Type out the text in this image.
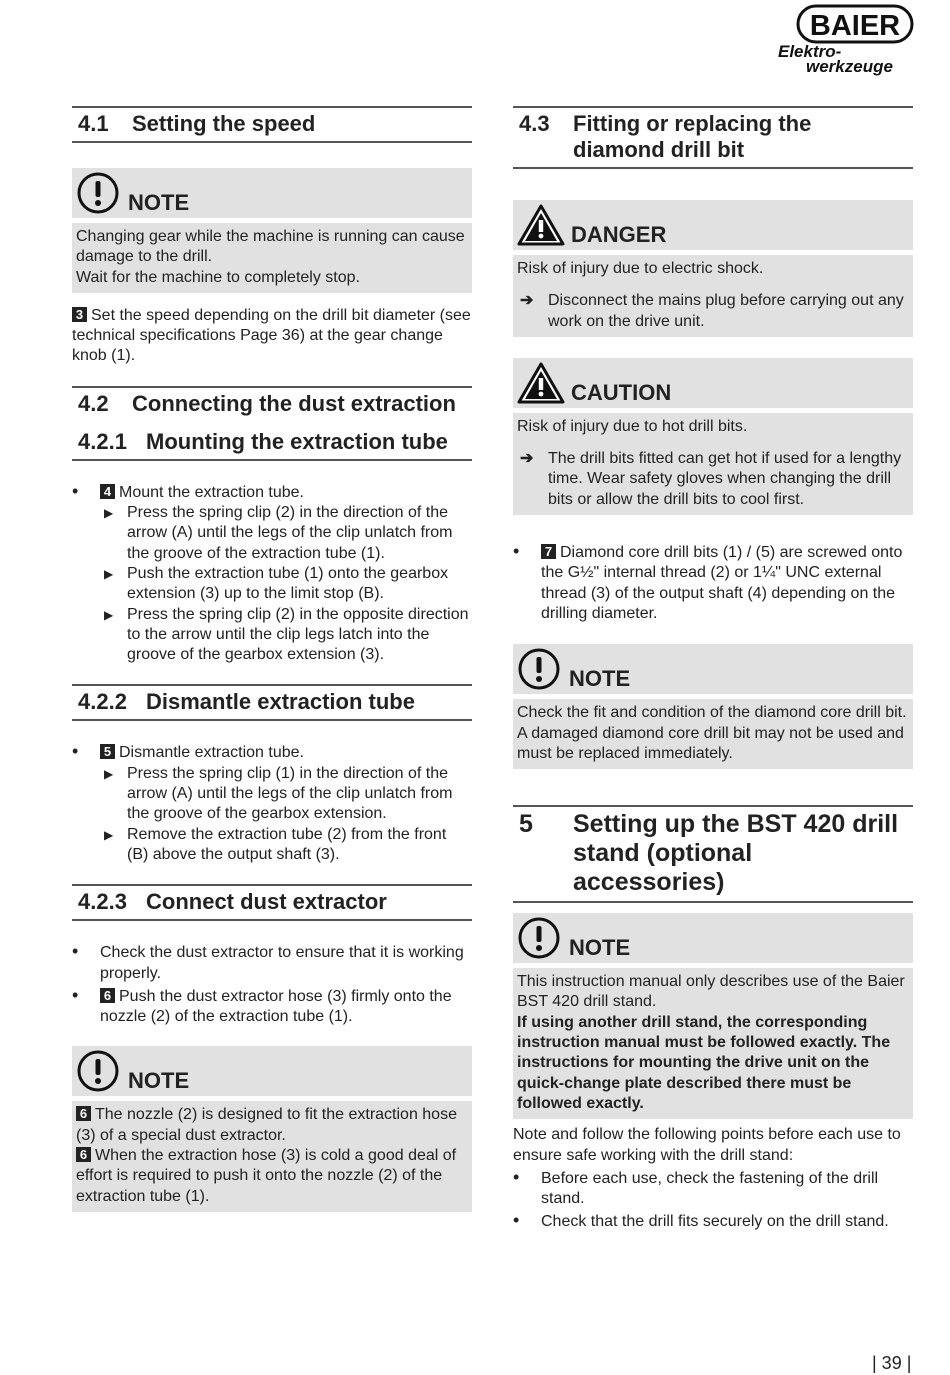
BAIER
Elektro-
werkzeuge
4.1	Setting the speed
NOTE

Changing gear while the machine is running can cause damage to the drill.

Wait for the machine to completely stop.

3 Set the speed depending on the drill bit diameter (see technical specifications Page 36) at the gear change knob (1).

4.2	Connecting the dust extraction
4.2.1 Mounting the extraction tube
• 4 Mount the extraction tube.
▶ Press the spring clip (2) in the direction of the arrow (A) until the legs of the clip unlatch from the groove of the extraction tube (1).
▶ Push the extraction tube (1) onto the gearbox extension (3) up to the limit stop (B).
▶ Press the spring clip (2) in the opposite direction to the arrow until the clip legs latch into the groove of the gearbox extension (3).
4.2.2 Dismantle extraction tube
• 5 Dismantle extraction tube.
▶ Press the spring clip (1) in the direction of the arrow (A) until the legs of the clip unlatch from the groove of the gearbox extension.
▶ Remove the extraction tube (2) from the front (B) above the output shaft (3).
4.2.3 Connect dust extractor
• Check the dust extractor to ensure that it is working properly.
• 6 Push the dust extractor hose (3) firmly onto the nozzle (2) of the extraction tube (1).
NOTE

6 The nozzle (2) is designed to fit the extraction hose (3) of a special dust extractor.

6 When the extraction hose (3) is cold a good deal of effort is required to push it onto the nozzle (2) of the extraction tube (1).

4.3	Fitting or replacing the diamond drill bit
DANGER

Risk of injury due to electric shock.

➔ Disconnect the mains plug before carrying out any work on the drive unit.
CAUTION

Risk of injury due to hot drill bits.

➔ The drill bits fitted can get hot if used for a lengthy time. Wear safety gloves when changing the drill bits or allow the drill bits to cool first.
• 7 Diamond core drill bits (1) / (5) are screwed onto the G½" internal thread (2) or 1¼" UNC external thread (3) of the output shaft (4) depending on the drilling diameter.
NOTE

Check the fit and condition of the diamond core drill bit. A damaged diamond core drill bit may not be used and must be replaced immediately.

5	Setting up the BST 420 drill stand (optional accessories)
NOTE

This instruction manual only describes use of the Baier BST 420 drill stand.

If using another drill stand, the corresponding instruction manual must be followed exactly. The instructions for mounting the drive unit on the quick-change plate described there must be followed exactly.

Note and follow the following points before each use to ensure safe working with the drill stand:

• Before each use, check the fastening of the drill stand.
• Check that the drill fits securely on the drill stand.
| 39 |
